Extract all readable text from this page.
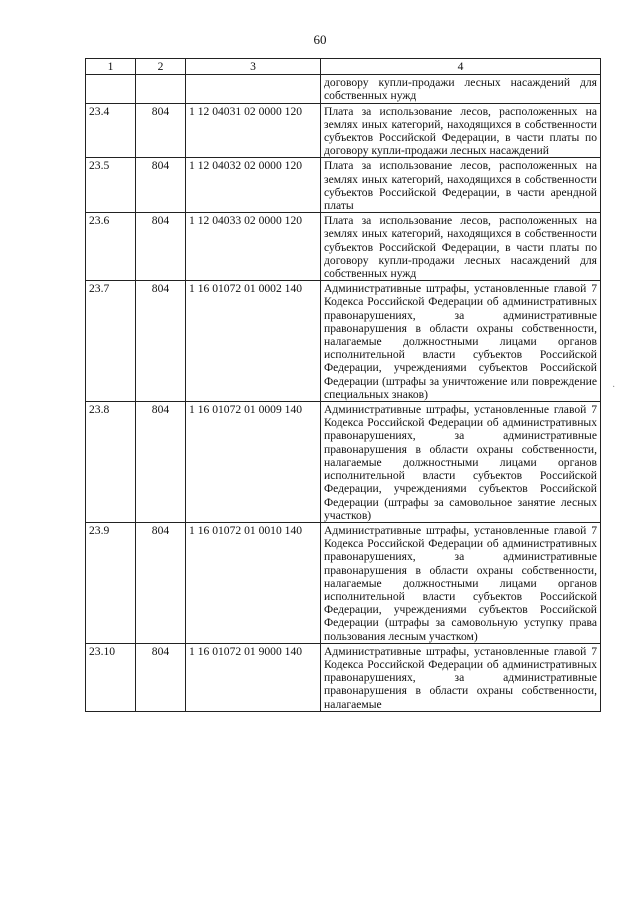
60
1	2	3	4
			договору купли-продажи лесных насаждений для собственных нужд
23.4	804	1 12 04031 02 0000 120	Плата за использование лесов, расположенных на землях иных категорий, находящихся в собственности субъектов Российской Федерации, в части платы по договору купли-продажи лесных насаждений
23.5	804	1 12 04032 02 0000 120	Плата за использование лесов, расположенных на землях иных категорий, находящихся в собственности субъектов Российской Федерации, в части арендной платы
23.6	804	1 12 04033 02 0000 120	Плата за использование лесов, расположенных на землях иных категорий, находящихся в собственности субъектов Российской Федерации, в части платы по договору купли-продажи лесных насаждений для собственных нужд
23.7	804	1 16 01072 01 0002 140	Административные штрафы, установленные главой 7 Кодекса Российской Федерации об административных правонарушениях, за административные правонарушения в области охраны собственности, налагаемые должностными лицами органов исполнительной власти субъектов Российской Федерации, учреждениями субъектов Российской Федерации (штрафы за уничтожение или повреждение специальных знаков)
23.8	804	1 16 01072 01 0009 140	Административные штрафы, установленные главой 7 Кодекса Российской Федерации об административных правонарушениях, за административные правонарушения в области охраны собственности, налагаемые должностными лицами органов исполнительной власти субъектов Российской Федерации, учреждениями субъектов Российской Федерации (штрафы за самовольное занятие лесных участков)
23.9	804	1 16 01072 01 0010 140	Административные штрафы, установленные главой 7 Кодекса Российской Федерации об административных правонарушениях, за административные правонарушения в области охраны собственности, налагаемые должностными лицами органов исполнительной власти субъектов Российской Федерации, учреждениями субъектов Российской Федерации (штрафы за самовольную уступку права пользования лесным участком)
23.10	804	1 16 01072 01 9000 140	Административные штрафы, установленные главой 7 Кодекса Российской Федерации об административных правонарушениях, за административные правонарушения в области охраны собственности, налагаемые
·
